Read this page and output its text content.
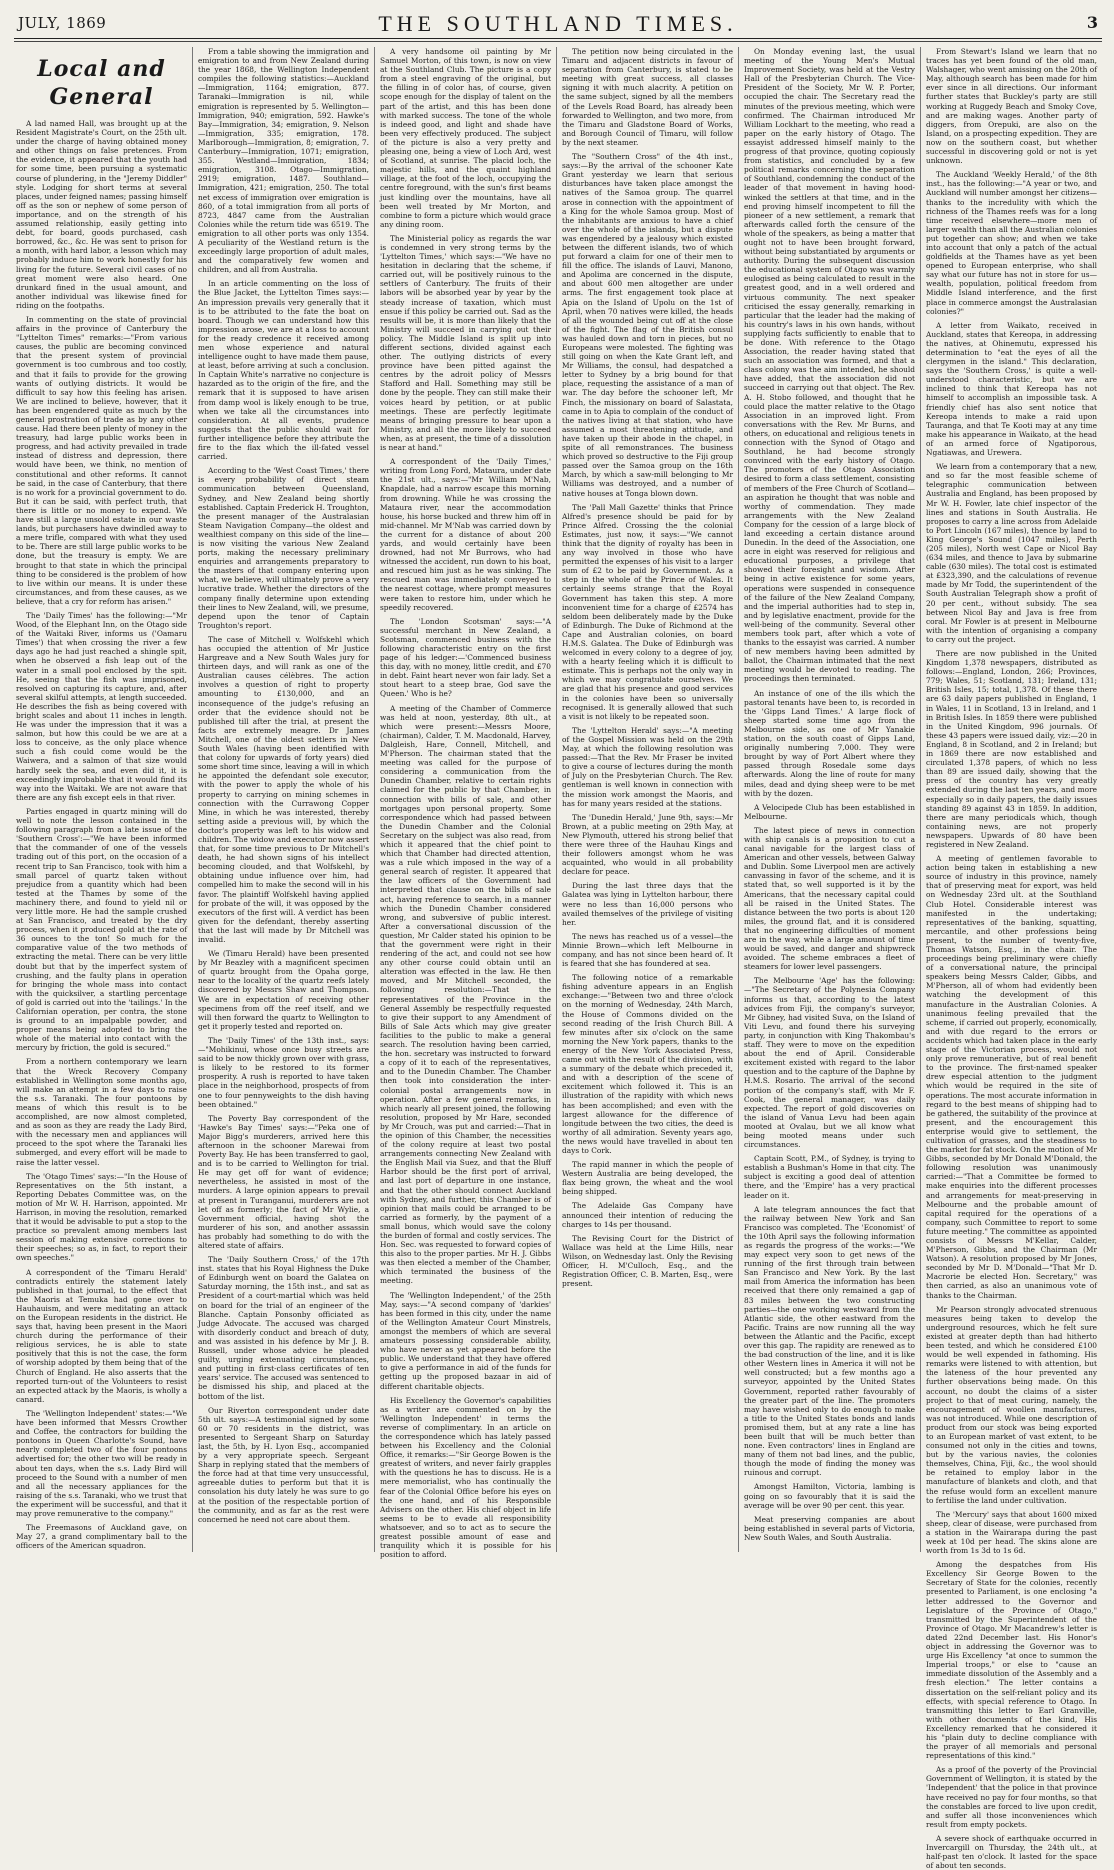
JULY, 1869	THE SOUTHLAND TIMES.	3
Local and General

A lad named Hall, was brought up at the Resident Magistrate's Court, on the 25th ult. under the charge of having obtained money and other things on false pretences. From the evidence, it appeared that the youth had for some time, been pursuing a systematic course of plundering, in the "Jeremy Diddler" style. Lodging for short terms at several places, under feigned names; passing himself off as the son or nephew of some person of importance, and on the strength of his assumed relationship, easily getting into debt, for board, goods purchased, cash borrowed, &c., &c. He was sent to prison for a month, with hard labor, a lesson which may probably induce him to work honestly for his living for the future. Several civil cases of no great moment were also heard. One drunkard fined in the usual amount, and another individual was likewise fined for riding on the footpaths.

In commenting on the state of provincial affairs in the province of Canterbury the "Lyttelton Times" remarks:—"From various causes, the public are becoming convinced that the present system of provincial government is too cumbrous and too costly, and that it fails to provide for the growing wants of outlying districts. It would be difficult to say how this feeling has arisen. We are inclined to believe, however, that it has been engendered quite as much by the general prostration of trade as by any other cause. Had there been plenty of money in the treasury, had large public works been in progress, and had activity prevailed in trade instead of distress and depression, there would have been, we think, no mention of constitutional and other reforms. It cannot be said, in the case of Canterbury, that there is no work for a provincial government to do. But it can be said, with perfect truth, that there is little or no money to expend. We have still a large unsold estate in our waste lands, but purchasers have dwindled away to a mere trifle, compared with what they used to be. There are still large public works to be done, but the treasury is empty. We are brought to that state in which the principal thing to be considered is the problem of how to live within our means. It is under these circumstances, and from these causes, as we believe, that a cry for reform has arisen."

The 'Daily Times' has the following:—"Mr Wood, of the Elephant Inn, on the Otago side of the Waitaki River, informs us ('Oamaru Times') that when crossing the river a few days ago he had just reached a shingle spit, when he observed a fish leap out of the water in a small pool enclosed by the spit. He, seeing that the fish was imprisoned, resolved on capturing its capture, and, after several skilful attempts, at length succeeded. He describes the fish as being covered with bright scales and about 11 inches in length. He was under the impression that it was a salmon, but how this could be we are at a loss to conceive, as the only place whence such a fish could come would be the Waiwera, and a salmon of that size would hardly seek the sea, and even did it, it is exceedingly improbable that it would find its way into the Waitaki. We are not aware that there are any fish except eels in that river.

Parties engaged in quartz mining will do well to note the lesson contained in the following paragraph from a late issue of the 'Southern Cross':—"We have been informed that the commander of one of the vessels trading out of this port, on the occasion of a recent trip to San Francisco, took with him a small parcel of quartz taken without prejudice from a quantity which had been tested at the Thames by some of the machinery there, and found to yield nil or very little more. He had the sample crushed at San Francisco, and treated by the dry process, when it produced gold at the rate of 36 ounces to the ton! So much for the comparative value of the two methods of extracting the metal. There can be very little doubt but that by the imperfect system of crushing, and the faulty plans in operation for bringing the whole mass into contact with the quicksilver, a startling percentage of gold is carried out into the 'tailings.' In the Californian operation, per contra, the stone is ground to an impalpable powder, and proper means being adopted to bring the whole of the material into contact with the mercury by friction, the gold is secured."

From a northern contemporary we learn that the Wreck Recovery Company established in Wellington some months ago, will make an attempt in a few days to raise the s.s. Taranaki. The four pontoons by means of which this result is to be accomplished, are now almost completed, and as soon as they are ready the Lady Bird, with the necessary men and appliances will proceed to the spot where the Taranaki lies submerged, and every effort will be made to raise the latter vessel.

The 'Otago Times' says:—"In the House of Representatives on the 5th instant, a Reporting Debates Committee was, on the motion of Mr W. H. Harrison, appointed. Mr Harrison, in moving the resolution, remarked that it would be advisable to put a stop to the practice so prevalent among members last session of making extensive corrections to their speeches; so as, in fact, to report their own speeches."

A correspondent of the 'Timaru Herald' contradicts entirely the statement lately published in that journal, to the effect that the Maoris at Temuka had gone over to Hauhauism, and were meditating an attack on the European residents in the district. He says that, having been present in the Maori church during the performance of their religious services, he is able to state positively that this is not the case, the form of worship adopted by them being that of the Church of England. He also asserts that the reported turn-out of the Volunteers to resist an expected attack by the Maoris, is wholly a canard.

The 'Wellington Independent' states:—"We have been informed that Messrs Crowther and Coffee, the contractors for building the pontoons in Queen Charlotte's Sound, have nearly completed two of the four pontoons advertised for; the other two will be ready in about ten days, when the s.s. Lady Bird will proceed to the Sound with a number of men and all the necessary appliances for the raising of the s.s. Taranaki, who we trust that the experiment will be successful, and that it may prove remunerative to the company."

The Freemasons of Auckland gave, on May 27, a grand complimentary ball to the officers of the American squadron.

From a table showing the immigration and emigration to and from New Zealand during the year 1868, the Wellington Independent compiles the following statistics:—Auckland—Immigration, 1164; emigration, 877. Taranaki—Immigration is nil, while emigration is represented by 5. Wellington—Immigration, 940; emigration, 592. Hawke's Bay—Immigration, 34; emigration, 9. Nelson—Immigration, 335; emigration, 178. Marlborough—Immigration, 8; emigration, 7. Canterbury—Immigration, 1071; emigration, 355. Westland—Immigration, 1834; emigration, 3108. Otago—Immigration, 2919; emigration, 1487. Southland—Immigration, 421; emigration, 250. The total net excess of immigration over emigration is 860, of a total immigration from all ports of 8723, 4847 came from the Australian Colonies while the return tide was 6519. The emigration to all other ports was only 1354. A peculiarity of the Westland return is the exceedingly large proportion of adult males, and the comparatively few women and children, and all from Australia.

In an article commenting on the loss of the Blue Jacket, the Lyttelton Times says:—An impression prevails very generally that it is to be attributed to the fate the boat on board. Though we can understand how this impression arose, we are at a loss to account for the ready credence it received among men whose experience and natural intelligence ought to have made them pause, at least, before arriving at such a conclusion. In Captain White's narrative no conjecture is hazarded as to the origin of the fire, and the remark that it is supposed to have arisen from damp wool is likely enough to be true, when we take all the circumstances into consideration. At all events, prudence suggests that the public should wait for further intelligence before they attribute the fire to the flax which the ill-fated vessel carried.

According to the 'West Coast Times,' there is every probability of direct steam communication between Queensland, Sydney, and New Zealand being shortly established. Captain Frederick H. Troughton, the present manager of the Australasian Steam Navigation Company—the oldest and wealthiest company on this side of the line—is now visiting the various New Zealand ports, making the necessary preliminary enquiries and arrangements preparatory to the masters of that company entering upon what, we believe, will ultimately prove a very lucrative trade. Whether the directors of the company finally determine upon extending their lines to New Zealand, will, we presume, depend upon the tenor of Captain Troughton's report.

The case of Mitchell v. Wolfskehl which has occupied the attention of Mr Justice Hargreave and a New South Wales jury for thirteen days, and will rank as one of the Australian causes célèbres. The action involves a question of right to property amounting to £130,000, and an inconsequence of the judge's refusing an order that the evidence should not be published till after the trial, at present the facts are extremely meagre. Dr James Mitchell, one of the oldest settlers in New South Wales (having been identified with that colony for upwards of forty years) died some short time since, leaving a will in which he appointed the defendant sole executor, with the power to apply the whole of his property to carrying on mining schemes in connection with the Currawong Copper Mine, in which he was interested, thereby setting aside a previous will, by which the doctor's property was left to his widow and children. The widow and executor now assert that, for some time previous to Dr Mitchell's death, he had shown signs of his intellect becoming clouded, and that Wolfskehl, by obtaining undue influence over him, had compelled him to make the second will in his favor. The plaintiff Wolfskehl having applied for probate of the will, it was opposed by the executors of the first will. A verdict has been given for the defendant, thereby asserting that the last will made by Dr Mitchell was invalid.

We (Timaru Herald) have been presented by Mr Beazley with a magnificent specimen of quartz brought from the Opaha gorge, near to the locality of the quartz reefs lately discovered by Messrs Shaw and Thompson. We are in expectation of receiving other specimens from off the reef itself, and we will then forward the quartz to Wellington to get it properly tested and reported on.

The 'Daily Times' of the 13th inst., says:—"Mohikinui, whose once busy streets are said to be now thickly grown over with grass, is likely to be restored to its former prosperity. A rush is reported to have taken place in the neighborhood, prospects of from one to four pennyweights to the dish having been obtained."

The Poverty Bay correspondent of the 'Hawke's Bay Times' says:—"Peka one of Major Bigg's murderers, arrived here this afternoon in the schooner Marewai from Poverty Bay. He has been transferred to gaol, and is to be carried to Wellington for trial. He may get off for want of evidence; nevertheless, he assisted in most of the murders. A large opinion appears to prevail at present in Turanganui, murderers are not let off as formerly; the fact of Mr Wylie, a Government official, having shot the murderer of his son, and another assassin has probably had something to do with the altered state of affairs.

The 'Daily Southern Cross,' of the 17th inst. states that his Royal Highness the Duke of Edinburgh went on board the Galatea on Saturday morning, the 15th inst., and sat as President of a court-martial which was held on board for the trial of an engineer of the Blanche. Captain Ponsonby officiated as Judge Advocate. The accused was charged with disorderly conduct and breach of duty, and was assisted in his defence by Mr J. B. Russell, under whose advice he pleaded guilty, urging extenuating circumstances, and putting in first-class certificates of ten years' service. The accused was sentenced to be dismissed his ship, and placed at the bottom of the list.

Our Riverton correspondent under date 5th ult. says:—A testimonial signed by some 60 or 70 residents in the district, was presented to Sergeant Sharp on Saturday last, the 5th, by H. Lyon Esq., accompanied by a very appropriate speech. Sergeant Sharp in replying stated that the members of the force had at that time very unsuccessful, agreeable duties to perform but that it is consolation his duty lately he was sure to go at the position of the respectable portion of the community, and as far as the rest were concerned he need not care about them.

A very handsome oil painting by Mr Samuel Morton, of this town, is now on view at the Southland Club. The picture is a copy from a steel engraving of the original, but the filling in of color has, of course, given scope enough for the display of talent on the part of the artist, and this has been done with marked success. The tone of the whole is indeed good, and light and shade have been very effectively produced. The subject of the picture is also a very pretty and pleasing one, being a view of Loch Ard, west of Scotland, at sunrise. The placid loch, the majestic hills, and the quaint highland village, at the foot of the loch, occupying the centre foreground, with the sun's first beams just kindling over the mountains, have all been well treated by Mr Morton, and combine to form a picture which would grace any dining room.

The Ministerial policy as regards the war is condemned in very strong terms by the 'Lyttelton Times,' which says:—"We have no hesitation in declaring that the scheme, if carried out, will be positively ruinous to the settlers of Canterbury. The fruits of their labors will be absorbed year by year by the steady increase of taxation, which must ensue if this policy be carried out. Sad as the results will be, it is more than likely that the Ministry will succeed in carrying out their policy. The Middle Island is split up into different sections, divided against each other. The outlying districts of every province have been pitted against the centres by the adroit policy of Messrs Stafford and Hall. Something may still be done by the people. They can still make their voices heard by petition, or at public meetings. These are perfectly legitimate means of bringing pressure to bear upon a Ministry, and all the more likely to succeed when, as at present, the time of a dissolution is near at hand."

A correspondent of the 'Daily Times,' writing from Long Ford, Mataura, under date the 21st ult., says:—"Mr William M'Nab, Knapdale, had a narrow escape this morning from drowning. While he was crossing the Mataura river, near the accommodation house, his horse bucked and threw him off in mid-channel. Mr M'Nab was carried down by the current for a distance of about 200 yards, and would certainly have been drowned, had not Mr Burrows, who had witnessed the accident, run down to his boat, and rescued him just as he was sinking. The rescued man was immediately conveyed to the nearest cottage, where prompt measures were taken to restore him, under which he speedily recovered.

The 'London Scotsman' says:—"A successful merchant in New Zealand, a Scotsman, commenced business with the following characteristic entry on the first page of his ledger:—'Commenced business this day, with no money, little credit, and £70 in debt. Faint heart never won fair lady. Set a stout heart to a steep brae, God save the Queen.' Who is he?

A meeting of the Chamber of Commerce was held at noon, yesterday, 8th ult., at which were present:—Messrs Moore, (chairman), Calder, T. M. Macdonald, Harvey, Dalgleish, Hare, Connell, Mitchell, and M'Pherson. The chairman stated that the meeting was called for the purpose of considering a communication from the Dunedin Chamber, relative to certain rights claimed for the public by that Chamber, in connection with bills of sale, and other mortgages upon personal property. Some correspondence which had passed between the Dunedin Chamber and the Colonial Secretary on the subject was also read, from which it appeared that the chief point to which that Chamber had directed attention, was a rule which imposed in the way of a general search of register. It appeared that the law officers of the Government had interpreted that clause on the bills of sale act, having reference to search, in a manner which the Dunedin Chamber considered wrong, and subversive of public interest. After a conversational discussion of the question, Mr Calder stated his opinion to be that the government were right in their rendering of the act, and could not see how any other course could obtain until an alteration was effected in the law. He then moved, and Mr Mitchell seconded, the following resolution:—That the representatives of the Province in the General Assembly be respectfully requested to give their support to any Amendment of Bills of Sale Acts which may give greater facilities to the public to make a general search. The resolution having been carried, the hon. secretary was instructed to forward a copy of it to each of the representatives, and to the Dunedin Chamber. The Chamber then took into consideration the inter-colonial postal arrangements now in operation. After a few general remarks, in which nearly all present joined, the following resolution, proposed by Mr Hare, seconded by Mr Crouch, was put and carried:—That in the opinion of this Chamber, the necessities of the colony require at least two postal arrangements connecting New Zealand with the English Mail via Suez, and that the Bluff Harbor should be the first port of arrival, and last port of departure in one instance, and that the other should connect Auckland with Sydney, and further, this Chamber is of opinion that mails could be arranged to be carried as formerly, by the payment of a small bonus, which would save the colony the burden of formal and costly services. The Hon. Sec. was requested to forward copies of this also to the proper parties. Mr H. J. Gibbs was then elected a member of the Chamber, which terminated the business of the meeting.

The 'Wellington Independent,' of the 25th May, says:—"A second company of 'darkies' has been formed in this city, under the name of the Wellington Amateur Court Minstrels, amongst the members of which are several amateurs possessing considerable ability, who have never as yet appeared before the public. We understand that they have offered to give a performance in aid of the funds for getting up the proposed bazaar in aid of different charitable objects.

His Excellency the Governor's capabilities as a writer are commented on by the 'Wellington Independent' in terms the reverse of complimentary. In an article on the correspondence which has lately passed between his Excellency and the Colonial Office, it remarks:—"Sir George Bowen is the greatest of writers, and never fairly grapples with the questions he has to discuss. He is a mere memorialist, who has continually the fear of the Colonial Office before his eyes on the one hand, and of his Responsible Advisers on the other. His chief object in life seems to be to evade all responsibility whatsoever, and so to act as to secure the greatest possible amount of ease and tranquility which it is possible for his position to afford.

The petition now being circulated in the Timaru and adjacent districts in favour of separation from Canterbury, is stated to be meeting with great success, all classes signing it with much alacrity. A petition on the same subject, signed by all the members of the Levels Road Board, has already been forwarded to Wellington, and two more, from the Timaru and Gladstone Board of Works, and Borough Council of Timaru, will follow by the next steamer.

The "Southern Cross" of the 4th inst., says:—By the arrival of the schooner Kate Grant yesterday we learn that serious disturbances have taken place amongst the natives of the Samoa group. The quarrel arose in connection with the appointment of a King for the whole Samoa group. Most of the inhabitants are anxious to have a chief over the whole of the islands, but a dispute was engendered by a jealousy which existed between the different islands, two of which put forward a claim for one of their men to fill the office. The islands of Lauvi, Manono, and Apolima are concerned in the dispute, and about 600 men altogether are under arms. The first engagement took place at Apia on the Island of Upolu on the 1st of April, when 70 natives were killed, the heads of all the wounded being cut off at the close of the fight. The flag of the British consul was hauled down and torn in pieces, but no Europeans were molested. The fighting was still going on when the Kate Grant left, and Mr Williams, the consul, had despatched a letter to Sydney by a brig bound for that place, requesting the assistance of a man of war. The day before the schooner left, Mr Finch, the missionary on board of Salastata, came in to Apia to complain of the conduct of the natives living at that station, who have assumed a most threatening attitude, and have taken up their abode in the chapel, in spite of all remonstrances. The business which proved so destructive to the Fiji group passed over the Samoa group on the 16th March, by which a saw-mill belonging to Mr Williams was destroyed, and a number of native houses at Tonga blown down.

The 'Pall Mall Gazette' thinks that Prince Alfred's presence should be paid for by Prince Alfred. Crossing the the colonial Estimates, just now, it says:—"We cannot think that the dignity of royalty has been in any way involved in those who have permitted the expenses of his visit to a larger sum of £2 to be paid by Government. As a step in the whole of the Prince of Wales. It certainly seems strange that the Royal Government has taken this step. A more inconvenient time for a charge of £2574 has seldom been deliberately made by the Duke of Edinburgh. The Duke of Richmond at the Cape and Australian colonies, on board H.M.S. Galatea. The Duke of Edinburgh was welcomed in every colony to a degree of joy, with a hearty feeling which it is difficult to estimate. This is perhaps not the only way in which we may congratulate ourselves. We are glad that his presence and good services in the colonies have been so universally recognised. It is generally allowed that such a visit is not likely to be repeated soon.

The 'Lyttelton Herald' says:—"A meeting of the Gospel Mission was held on the 29th May, at which the following resolution was passed:—That the Rev. Mr Fraser be invited to give a course of lectures during the month of July on the Presbyterian Church. The Rev. gentleman is well known in connection with the mission work amongst the Maoris, and has for many years resided at the stations.

The 'Dunedin Herald,' June 9th, says:—Mr Brown, at a public meeting on 29th May, at New Plymouth, uttered his strong belief that there were three of the Hauhau Kings and their followers amongst whom he was acquainted, who would in all probability declare for peace.

During the last three days that the Galatea was lying in Lyttelton harbour, there were no less than 16,000 persons who availed themselves of the privilege of visiting her.

The news has reached us of a vessel—the Minnie Brown—which left Melbourne in company, and has not since been heard of. It is feared that she has foundered at sea.

The following notice of a remarkable fishing adventure appears in an English exchange:—"Between two and three o'clock on the morning of Wednesday, 24th March, the House of Commons divided on the second reading of the Irish Church Bill. A few minutes after six o'clock on the same morning the New York papers, thanks to the energy of the New York Associated Press, came out with the result of the division, with a summary of the debate which preceded it, and with a description of the scene of excitement which followed it. This is an illustration of the rapidity with which news has been accomplished; and even with the largest allowance for the difference of longitude between the two cities, the deed is worthy of all admiration. Seventy years ago, the news would have travelled in about ten days to Cork.

The rapid manner in which the people of Western Australia are being developed, the flax being grown, the wheat and the wool being shipped.

The Adelaide Gas Company have announced their intention of reducing the charges to 14s per thousand.

The Revising Court for the District of Wallace was held at the Lime Hills, near Wilson, on Wednesday last. Only the Revising Officer, H. M'Culloch, Esq., and the Registration Officer, C. B. Marten, Esq., were present.

On Monday evening last, the usual meeting of the Young Men's Mutual Improvement Society, was held at the Vestry Hall of the Presbyterian Church. The Vice-President of the Society, Mr W. P. Porter, occupied the chair. The Secretary read the minutes of the previous meeting, which were confirmed. The Chairman introduced Mr William Lockhart to the meeting, who read a paper on the early history of Otago. The essayist addressed himself mainly to the progress of that province, quoting copiously from statistics, and concluded by a few political remarks concerning the separation of Southland, condemning the conduct of the leader of that movement in having hood-winked the settlers at that time, and in the end proving himself incompetent to fill the pioneer of a new settlement, a remark that afterwards called forth the censure of the whole of the speakers, as being a matter that ought not to have been brought forward, without being substantiated by arguments or authority. During the subsequent discussion the educational system of Otago was warmly eulogised as being calculated to result in the greatest good, and in a well ordered and virtuous community. The next speaker criticised the essay generally, remarking in particular that the leader had the making of his country's laws in his own hands, without supplying facts sufficiently to enable that to be done. With reference to the Otago Association, the reader having stated that such an association was formed, and that a class colony was the aim intended, he should have added, that the association did not succeed in carrying out that object. The Rev. A. H. Stobo followed, and thought that he could place the matter relative to the Otago Association in an improved light. From conversations with the Rev. Mr Burns, and others, on educational and religious tenets in connection with the Synod of Otago and Southland, he had become strongly convinced with the early history of Otago. The promoters of the Otago Association desired to form a class settlement, consisting of members of the Free Church of Scotland—an aspiration he thought that was noble and worthy of commendation. They made arrangements with the New Zealand Company for the cession of a large block of land exceeding a certain distance around Dunedin. In the deed of the Association, one acre in eight was reserved for religious and educational purposes, a privilege that showed their foresight and wisdom. After being in active existence for some years, operations were suspended in consequence of the failure of the New Zealand Company, and the imperial authorities had to step in, and by legislative enactment, provide for the well-being of the community. Several other members took part, after which a vote of thanks to the essayist was carried. A number of new members having been admitted by ballot, the Chairman intimated that the next meeting would be devoted to reading. The proceedings then terminated.

An instance of one of the ills which the pastoral tenants have been to, is recorded in the 'Gipps Land Times.' A large flock of sheep started some time ago from the Melbourne side, as one of Mr Yanakie station, on the south coast of Gipps Land, originally numbering 7,000. They were brought by way of Port Albert where they passed through Rosedale some days afterwards. Along the line of route for many miles, dead and dying sheep were to be met with by the dozen.

A Velocipede Club has been established in Melbourne.

The latest piece of news in connection with ship canals is a proposition to cut a canal navigable for the largest class of American and other vessels, between Galway and Dublin. Some Liverpool men are actively canvassing in favor of the scheme, and it is stated that, so well supported is it by the Americans, that the necessary capital could all be raised in the United States. The distance between the two ports is about 120 miles, the ground flat, and it is considered that no engineering difficulties of moment are in the way, while a large amount of time would be saved, and danger and shipwreck avoided. The scheme embraces a fleet of steamers for lower level passengers.

The Melbourne 'Age' has the following:—"The Secretary of the Polynesia Company informs us that, according to the latest advices from Fiji, the company's surveyor, Mr Gibney, had visited Suva, on the Island of Viti Levu, and found there his surveying party, in conjunction with King Thakombau's staff. They were to move on the expedition about the end of April. Considerable excitement existed with regard to the labor question and to the capture of the Daphne by H.M.S. Rosario. The arrival of the second portion of the company's staff, with Mr F. Cook, the general manager, was daily expected. The report of gold discoveries on the island of Vanua Levu had been again mooted at Ovalau, but we all know what being mooted means under such circumstances.

Captain Scott, P.M., of Sydney, is trying to establish a Bushman's Home in that city. The subject is exciting a good deal of attention there, and the 'Empire' has a very practical leader on it.

A late telegram announces the fact that the railway between New York and San Francisco was completed. The 'Economist' of the 10th April says the following information as regards the progress of the works:—"We may expect very soon to get news of the running of the first through train between San Francisco and New York. By the last mail from America the information has been received that there only remained a gap of 83 miles between the two constructing parties—the one working westward from the Atlantic side, the other eastward from the Pacific. Trains are now running all the way between the Atlantic and the Pacific, except over this gap. The rapidity are renewed as to the bad construction of the line, and it is like other Western lines in America it will not be well constructed; but a few months ago a surveyor, appointed by the United States Government, reported rather favourably of the greater part of the line. The promoters may have wished only to do enough to make a title to the United States bonds and lands promised them, but at any rate a line has been built that will be much better than none. Even contractors' lines in England are many of them not bad lines, and the public, though the mode of finding the money was ruinous and corrupt.

Amongst Hamilton, Victoria, lambing is going on so favourably that it is said the average will be over 90 per cent. this year.

Meat preserving companies are about being established in several parts of Victoria, New South Wales, and South Australia.

From Stewart's Island we learn that no traces has yet been found of the old man, Walshager, who went amissing on the 20th of May, although search has been made for him ever since in all directions. Our informant further states that Buckley's party are still working at Ruggedy Beach and Smoky Cove, and are making wages. Another party of diggers, from Orepuki, are also on the Island, on a prospecting expedition. They are now on the southern coast, but whether successful in discovering gold or not is yet unknown.

The Auckland 'Weekly Herald,' of the 8th inst., has the following:—"A year or two, and Auckland will number amongst her citizens—thanks to the incredulity with which the richness of the Thames reefs was for a long time received elsewhere—more men of larger wealth than all the Australian colonies put together can show; and when we take into account that only a patch of the actual goldfields at the Thames have as yet been opened to European enterprise, who shall say what our future has not in store for us—wealth, population, political freedom from Middle Island interference, and the first place in commerce amongst the Australasian colonies?"

A letter from Waikato, received in Auckland, states that Kereopa, in addressing the natives, at Ohinemutu, expressed his determination to "eat the eyes of all the clergymen in the island." This declaration, says the 'Southern Cross,' is quite a well-understood characteristic, but we are inclined to think that Kereopa has not himself to accomplish an impossible task. A friendly chief has also sent notice that Kereopa intends to make a raid upon Tauranga, and that Te Kooti may at any time make his appearance in Waikato, at the head of an armed force of Ngatiporous, Ngatiawas, and Urewera.

We learn from a contemporary that a new, and so far the most feasible scheme of telegraphic communication between Australia and England, has been proposed by Mr W. H. Fowler, late chief inspector of the lines and stations in South Australia. He proposes to carry a line across from Adelaide to Port Lincoln (167 miles), thence by land to King George's Sound (1047 miles), Perth (205 miles), North west Cape or Nicol Bay (634 miles, and thence to Java by submarine cable (630 miles). The total cost is estimated at £323,390, and the calculations of revenue made by Mr Todd, the superintendent of the South Australian Telegraph show a profit of 20 per cent., without subsidy. The sea between Nicol Bay and Java is free from coral. Mr Fowler is at present in Melbourne with the intention of organising a company to carry out the project.

There are now published in the United Kingdom 1,378 newspapers, distributed as follows:—England, London, 266; Provinces, 779; Wales, 51; Scotland, 131; Ireland, 131; British Isles, 15; total, 1,378. Of these there are 63 daily papers published in England, 1 in Wales, 11 in Scotland, 13 in Ireland, and 1 in British Isles. In 1859 there were published in the United Kingdom, 996 journals. Of these 43 papers were issued daily, viz:—20 in England, 8 in Scotland, and 2 in Ireland; but in 1869 there are now established and circulated 1,378 papers, of which no less than 89 are issued daily, showing that the press of the country has very greatly extended during the last ten years, and more especially so in daily papers, the daily issues standing 89 against 43 in 1859. In addition, there are many periodicals which, though containing news, are not properly newspapers. Upwards of 80 have been registered in New Zealand.

A meeting of gentlemen favorable to action being taken in establishing a new source of industry in this province, namely that of preserving meat for export, was held on Wednesday 23rd ult. at the Southland Club Hotel. Considerable interest was manifested in the undertaking; representatives of the banking, squatting, mercantile, and other professions being present, to the number of twenty-five, Thomas Watson, Esq., in the chair. The proceedings being preliminary were chiefly of a conversational nature, the principal speakers being Messrs Calder, Gibbs, and M'Pherson, all of whom had evidently been watching the development of this manufacture in the Australian Colonies. A unanimous feeling prevailed that the scheme, if carried out properly, economically, and with due regard to the errors or accidents which had taken place in the early stage of the Victorian process, would not only prove remunerative, but of real benefit to the province. The first-named speaker drew especial attention to the judgment which would be required in the site of operations. The most accurate information in regard to the best means of shipping had to be gathered, the suitability of the province at present, and the encouragement this enterprise would give to settlement, the cultivation of grasses, and the steadiness to the market for fat stock. On the motion of Mr Gibbs, seconded by Mr Donald M'Donald, the following resolution was unanimously carried:—"That a Committee be formed to make enquiries into the different processes and arrangements for meat-preserving in Melbourne and the probable amount of capital required for the operations of a company, such Committee to report to some future meeting." The committee as appointed consists of Messrs M'Kellar, Calder, M'Pherson, Gibbs, and the Chairman (Mr Watson). A resolution proposed by Mr Jones, seconded by Mr D. M'Donald—"That Mr D. Macrorie be elected Hon. Secretary," was then carried, as also an unanimous vote of thanks to the Chairman.

Mr Pearson strongly advocated strenuous measures being taken to develop the underground resources, which he felt sure existed at greater depth than had hitherto been tested, and which he considered £100 would be well expended in fathoming. His remarks were listened to with attention, but the lateness of the hour prevented any further observations being made. On this account, no doubt the claims of a sister project to that of meat curing, namely, the encouragement of woollen manufactures, was not introduced. While one description of product from our stock was being exported to an European market of vast extent, to be consumed not only in the cities and towns, but by the various navies, the colonies themselves, China, Fiji, &c., the wool should be retained to employ labor in the manufacture of blankets and cloth, and that the refuse would form an excellent manure to fertilise the land under cultivation.

The 'Mercury' says that about 1600 mixed sheep, clear of disease, were purchased from a station in the Wairarapa during the past week at 10d per head. The skins alone are worth from 1s 3d to 1s 6d.

Among the despatches from His Excellency Sir George Bowen to the Secretary of State for the colonies, recently presented to Parliament, is one enclosing "a letter addressed to the Governor and Legislature of the Province of Otago," transmitted by the Superintendent of the Province of Otago. Mr Macandrew's letter is dated 22nd December last. His Honor's object in addressing the Governor was to urge His Excellency "at once to summon the Imperial troops," or else to "cause an immediate dissolution of the Assembly and a fresh election." The letter contains a dissertation on the self-reliant policy and its effects, with special reference to Otago. In transmitting this letter to Earl Granville, with other documents of the kind, His Excellency remarked that he considered it his "plain duty to decline compliance with the prayer of all memorials and personal representations of this kind."

As a proof of the poverty of the Provincial Government of Wellington, it is stated by the 'Independent' that the police in that province have received no pay for four months, so that the constables are forced to live upon credit, and suffer all those inconveniences which result from empty pockets.

A severe shock of earthquake occurred in Invercargill on Thursday, the 24th ult., at half-past ten o'clock. It lasted for the space of about ten seconds.
